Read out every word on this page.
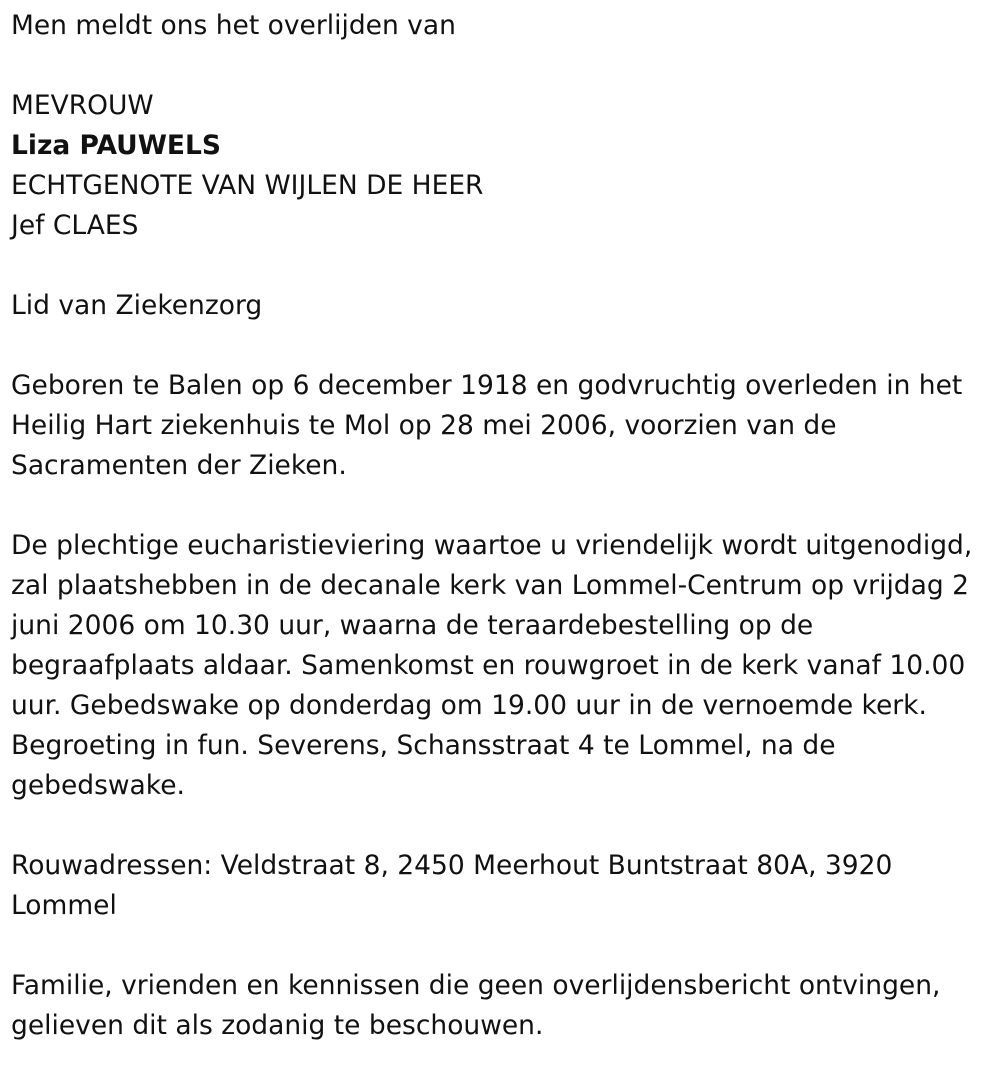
Men meldt ons het overlijden van

MEVROUW

Liza PAUWELS

ECHTGENOTE VAN WIJLEN DE HEER

Jef CLAES

Lid van Ziekenzorg

Geboren te Balen op 6 december 1918 en godvruchtig overleden in het

Heilig Hart ziekenhuis te Mol op 28 mei 2006, voorzien van de

Sacramenten der Zieken.

De plechtige eucharistieviering waartoe u vriendelijk wordt uitgenodigd,

zal plaatshebben in de decanale kerk van Lommel-Centrum op vrijdag 2

juni 2006 om 10.30 uur, waarna de teraardebestelling op de

begraafplaats aldaar. Samenkomst en rouwgroet in de kerk vanaf 10.00

uur. Gebedswake op donderdag om 19.00 uur in de vernoemde kerk.

Begroeting in fun. Severens, Schansstraat 4 te Lommel, na de

gebedswake.

Rouwadressen: Veldstraat 8, 2450 Meerhout Buntstraat 80A, 3920

Lommel

Familie, vrienden en kennissen die geen overlijdensbericht ontvingen,

gelieven dit als zodanig te beschouwen.
